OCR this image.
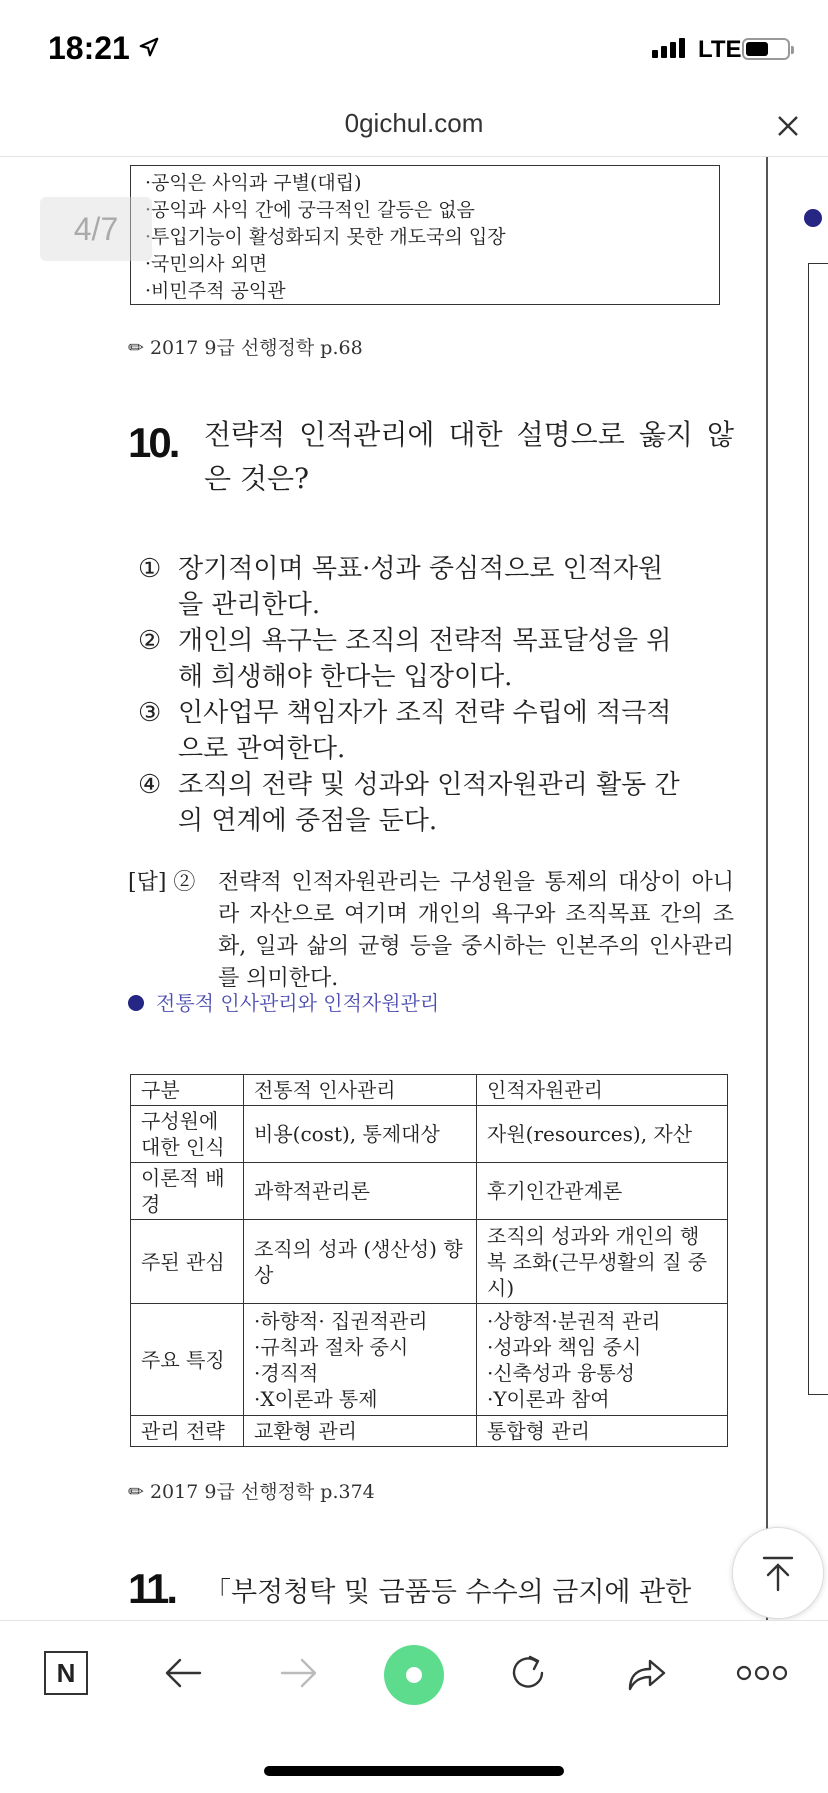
18:21	LTE
0gichul.com
·공익은 사익과 구별(대립)
·공익과 사익 간에 궁극적인 갈등은 없음
·투입기능이 활성화되지 못한 개도국의 입장
·국민의사 외면
·비민주적 공익관
4/7
✏ 2017 9급 선행정학 p.68
10. 전략적 인적관리에 대한 설명으로 옳지 않은 것은?
① 장기적이며 목표·성과 중심적으로 인적자원
을 관리한다.
② 개인의 욕구는 조직의 전략적 목표달성을 위
해 희생해야 한다는 입장이다.
③ 인사업무 책임자가 조직 전략 수립에 적극적
으로 관여한다.
④ 조직의 전략 및 성과와 인적자원관리 활동 간
의 연계에 중점을 둔다.
[답] ② 전략적 인적자원관리는 구성원을 통제의 대상이 아니라 자산으로 여기며 개인의 욕구와 조직목표 간의 조화, 일과 삶의 균형 등을 중시하는 인본주의 인사관리를 의미한다.
전통적 인사관리와 인적자원관리
구분	전통적 인사관리	인적자원관리
구성원에 대한 인식	비용(cost), 통제대상	자원(resources), 자산
이론적 배경	과학적관리론	후기인간관계론
주된 관심	조직의 성과 (생산성) 향상	조직의 성과와 개인의 행복 조화(근무생활의 질 중시)
주요 특징	·하향적· 집권적관리
·규칙과 절차 중시
·경직적
·X이론과 통제	·상향적·분권적 관리
·성과와 책임 중시
·신축성과 융통성
·Y이론과 참여
관리 전략	교환형 관리	통합형 관리
✏ 2017 9급 선행정학 p.374
11. 「부정청탁 및 금품등 수수의 금지에 관한
N
